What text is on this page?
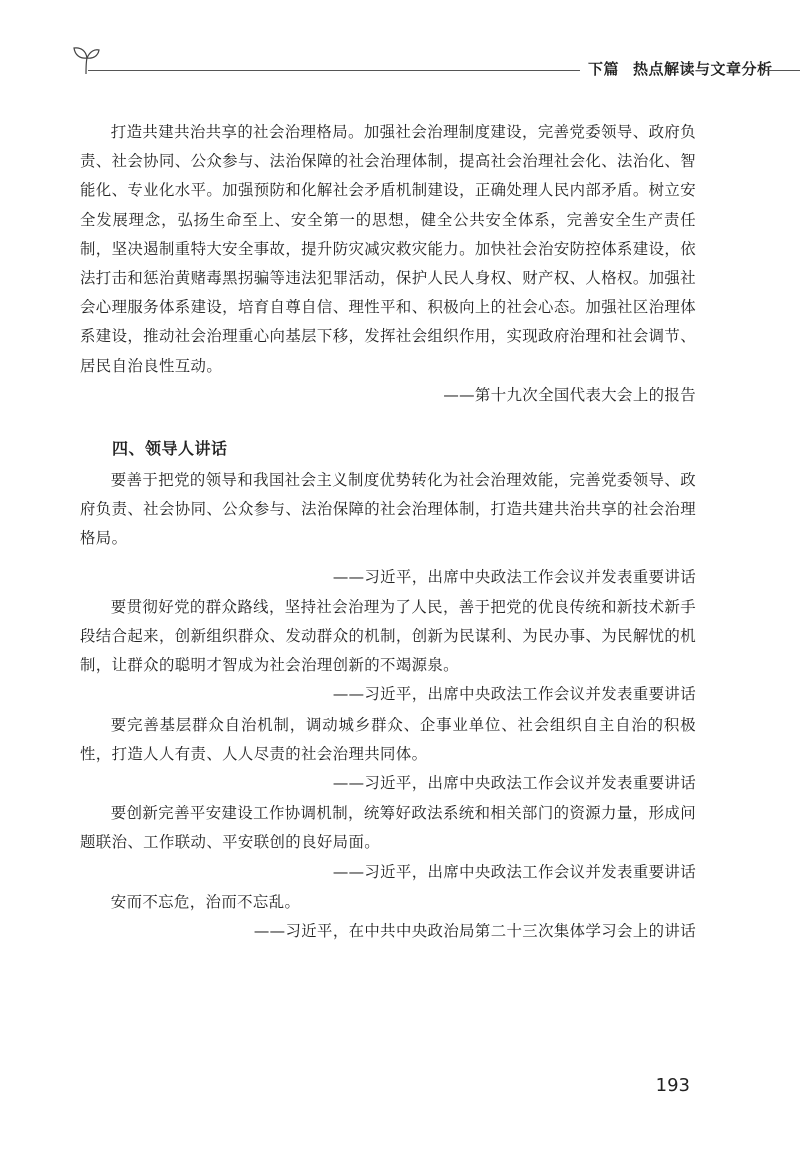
下篇 热点解读与文章分析

打造共建共治共享的社会治理格局。加强社会治理制度建设，完善党委领导、政府负责、社会协同、公众参与、法治保障的社会治理体制，提高社会治理社会化、法治化、智能化、专业化水平。加强预防和化解社会矛盾机制建设，正确处理人民内部矛盾。树立安全发展理念，弘扬生命至上、安全第一的思想，健全公共安全体系，完善安全生产责任制，坚决遏制重特大安全事故，提升防灾减灾救灾能力。加快社会治安防控体系建设，依法打击和惩治黄赌毒黑拐骗等违法犯罪活动，保护人民人身权、财产权、人格权。加强社会心理服务体系建设，培育自尊自信、理性平和、积极向上的社会心态。加强社区治理体系建设，推动社会治理重心向基层下移，发挥社会组织作用，实现政府治理和社会调节、居民自治良性互动。

——第十九次全国代表大会上的报告

四、领导人讲话

要善于把党的领导和我国社会主义制度优势转化为社会治理效能，完善党委领导、政府负责、社会协同、公众参与、法治保障的社会治理体制，打造共建共治共享的社会治理格局。

——习近平，出席中央政法工作会议并发表重要讲话

要贯彻好党的群众路线，坚持社会治理为了人民，善于把党的优良传统和新技术新手段结合起来，创新组织群众、发动群众的机制，创新为民谋利、为民办事、为民解忧的机制，让群众的聪明才智成为社会治理创新的不竭源泉。

——习近平，出席中央政法工作会议并发表重要讲话

要完善基层群众自治机制，调动城乡群众、企事业单位、社会组织自主自治的积极性，打造人人有责、人人尽责的社会治理共同体。

——习近平，出席中央政法工作会议并发表重要讲话

要创新完善平安建设工作协调机制，统筹好政法系统和相关部门的资源力量，形成问题联治、工作联动、平安联创的良好局面。

——习近平，出席中央政法工作会议并发表重要讲话

安而不忘危，治而不忘乱。

——习近平，在中共中央政治局第二十三次集体学习会上的讲话

193
